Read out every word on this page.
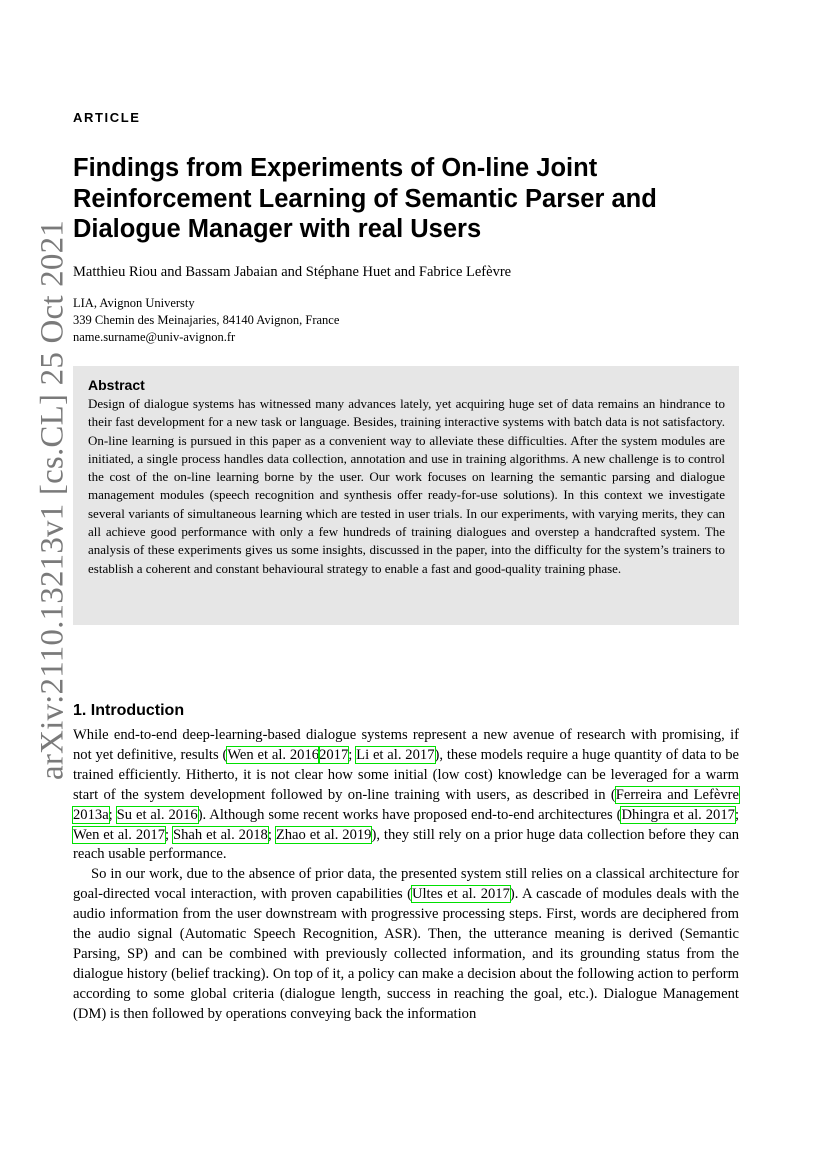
arXiv:2110.13213v1 [cs.CL] 25 Oct 2021
ARTICLE
Findings from Experiments of On-line Joint Reinforcement Learning of Semantic Parser and Dialogue Manager with real Users
Matthieu Riou and Bassam Jabaian and Stéphane Huet and Fabrice Lefèvre
LIA, Avignon Universty
339 Chemin des Meinajaries, 84140 Avignon, France
name.surname@univ-avignon.fr
Abstract

Design of dialogue systems has witnessed many advances lately, yet acquiring huge set of data remains an hindrance to their fast development for a new task or language. Besides, training interactive systems with batch data is not satisfactory. On-line learning is pursued in this paper as a convenient way to alleviate these difficulties. After the system modules are initiated, a single process handles data collection, annotation and use in training algorithms. A new challenge is to control the cost of the on-line learning borne by the user. Our work focuses on learning the semantic parsing and dialogue management modules (speech recognition and synthesis offer ready-for-use solutions). In this context we investigate several variants of simultaneous learning which are tested in user trials. In our experiments, with varying merits, they can all achieve good performance with only a few hundreds of training dialogues and overstep a handcrafted system. The analysis of these experiments gives us some insights, discussed in the paper, into the difficulty for the system’s trainers to establish a coherent and constant behavioural strategy to enable a fast and good-quality training phase.

1. Introduction

While end-to-end deep-learning-based dialogue systems represent a new avenue of research with promising, if not yet definitive, results (Wen et al. 20162017; Li et al. 2017), these models require a huge quantity of data to be trained efficiently. Hitherto, it is not clear how some initial (low cost) knowledge can be leveraged for a warm start of the system development followed by on-line training with users, as described in (Ferreira and Lefèvre 2013a; Su et al. 2016). Although some recent works have proposed end-to-end architectures (Dhingra et al. 2017; Wen et al. 2017; Shah et al. 2018; Zhao et al. 2019), they still rely on a prior huge data collection before they can reach usable performance.

So in our work, due to the absence of prior data, the presented system still relies on a classical architecture for goal-directed vocal interaction, with proven capabilities (Ultes et al. 2017). A cascade of modules deals with the audio information from the user downstream with progressive processing steps. First, words are deciphered from the audio signal (Automatic Speech Recognition, ASR). Then, the utterance meaning is derived (Semantic Parsing, SP) and can be combined with previously collected information, and its grounding status from the dialogue history (belief tracking). On top of it, a policy can make a decision about the following action to perform according to some global criteria (dialogue length, success in reaching the goal, etc.). Dialogue Management (DM) is then followed by operations conveying back the information
